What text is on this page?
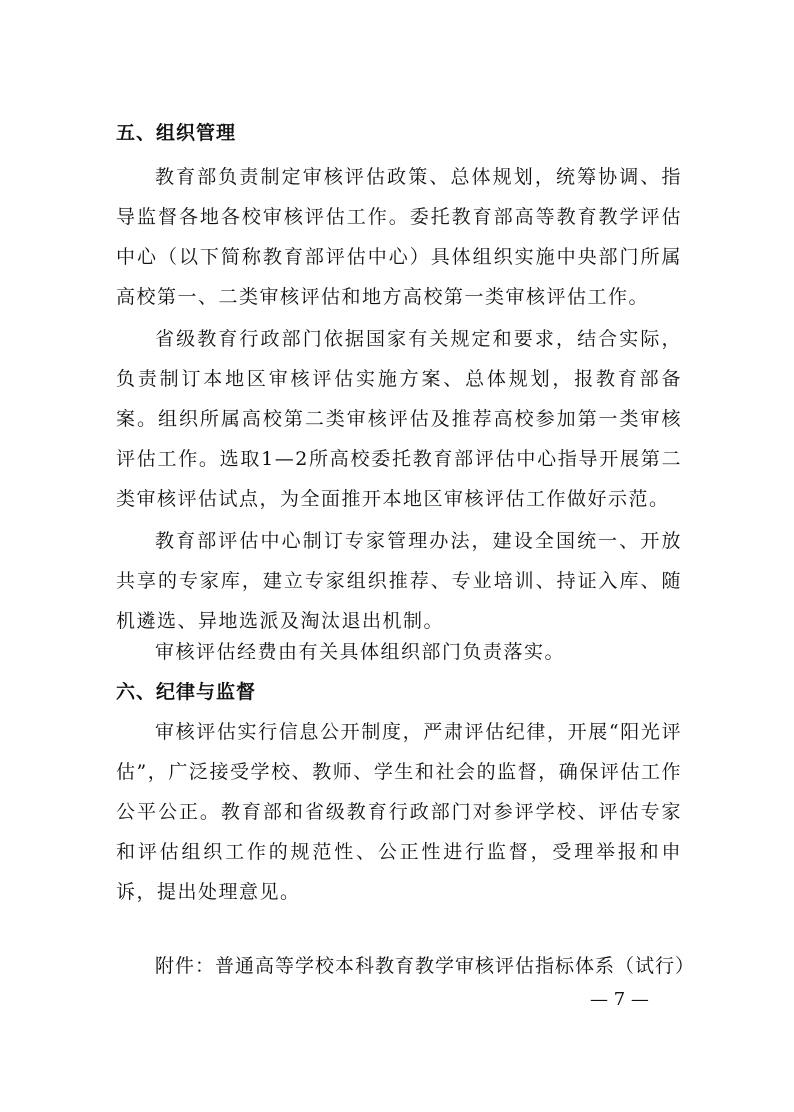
五、组织管理

教育部负责制定审核评估政策、总体规划，统筹协调、指导监督各地各校审核评估工作。委托教育部高等教育教学评估中心（以下简称教育部评估中心）具体组织实施中央部门所属高校第一、二类审核评估和地方高校第一类审核评估工作。

省级教育行政部门依据国家有关规定和要求，结合实际，负责制订本地区审核评估实施方案、总体规划，报教育部备案。组织所属高校第二类审核评估及推荐高校参加第一类审核评估工作。选取1—2所高校委托教育部评估中心指导开展第二类审核评估试点，为全面推开本地区审核评估工作做好示范。

教育部评估中心制订专家管理办法，建设全国统一、开放共享的专家库，建立专家组织推荐、专业培训、持证入库、随机遴选、异地选派及淘汰退出机制。

审核评估经费由有关具体组织部门负责落实。

六、纪律与监督

审核评估实行信息公开制度，严肃评估纪律，开展“阳光评估”，广泛接受学校、教师、学生和社会的监督，确保评估工作公平公正。教育部和省级教育行政部门对参评学校、评估专家和评估组织工作的规范性、公正性进行监督，受理举报和申诉，提出处理意见。

附件：普通高等学校本科教育教学审核评估指标体系（试行）
— 7 —
